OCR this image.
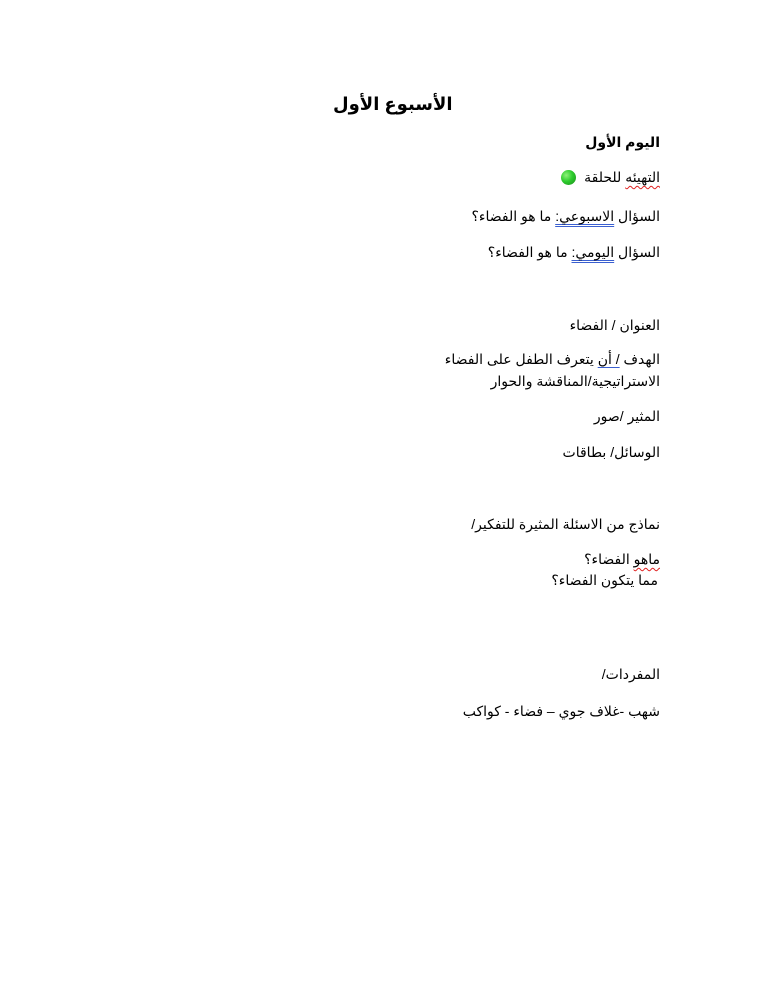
الأسبوع الأول
اليوم الأول
التهيئه للحلقة
السؤال الاسبوعي: ما هو الفضاء؟
السؤال اليومي: ما هو الفضاء؟
العنوان / الفضاء
الهدف / أن يتعرف الطفل على الفضاء
الاستراتيجية/المناقشة والحوار
المثير /صور
الوسائل/ بطاقات
نماذج من الاسئلة المثيرة للتفكير/
ماهو الفضاء؟
مما يتكون الفضاء؟
المفردات/
شهب -غلاف جوي – فضاء - كواكب
